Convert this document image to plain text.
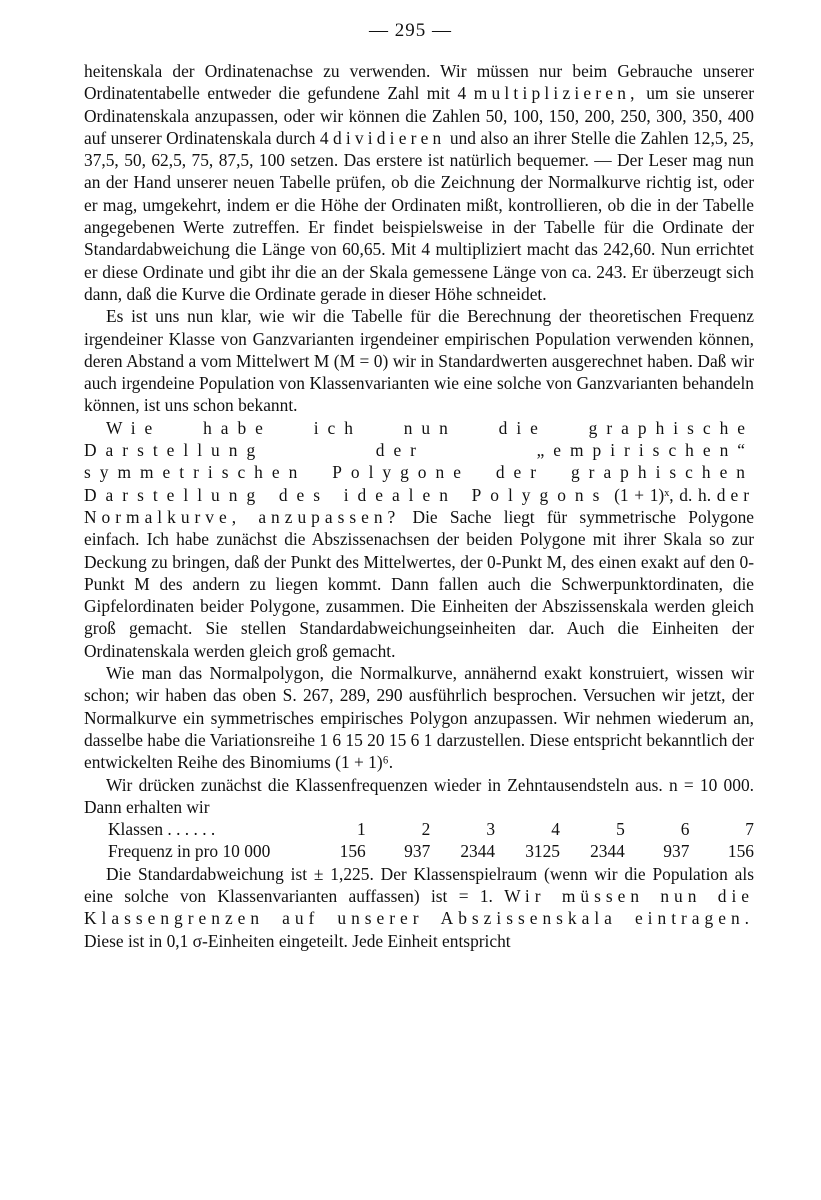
— 295 —

heitenskala der Ordinatenachse zu verwenden. Wir müssen nur beim Gebrauche unserer Ordinatentabelle entweder die gefundene Zahl mit 4 multiplizieren, um sie unserer Ordinatenskala anzupassen, oder wir können die Zahlen 50, 100, 150, 200, 250, 300, 350, 400 auf unserer Ordinatenskala durch 4 dividieren und also an ihrer Stelle die Zahlen 12,5, 25, 37,5, 50, 62,5, 75, 87,5, 100 setzen. Das erstere ist natürlich bequemer. — Der Leser mag nun an der Hand unserer neuen Tabelle prüfen, ob die Zeichnung der Normalkurve richtig ist, oder er mag, umgekehrt, indem er die Höhe der Ordinaten mißt, kontrollieren, ob die in der Tabelle angegebenen Werte zutreffen. Er findet beispielsweise in der Tabelle für die Ordinate der Standardabweichung die Länge von 60,65. Mit 4 multipliziert macht das 242,60. Nun errichtet er diese Ordinate und gibt ihr die an der Skala gemessene Länge von ca. 243. Er überzeugt sich dann, daß die Kurve die Ordinate gerade in dieser Höhe schneidet.

Es ist uns nun klar, wie wir die Tabelle für die Berechnung der theoretischen Frequenz irgendeiner Klasse von Ganzvarianten irgendeiner empirischen Population verwenden können, deren Abstand a vom Mittelwert M (M = 0) wir in Standardwerten ausgerechnet haben. Daß wir auch irgendeine Population von Klassenvarianten wie eine solche von Ganzvarianten behandeln können, ist uns schon bekannt.

Wie habe ich nun die graphische Darstellung der „empirischen“ symmetrischen Polygone der graphischen Darstellung des idealen Polygons (1 + 1)ˣ, d. h. der Normalkurve, anzupassen? Die Sache liegt für symmetrische Polygone einfach. Ich habe zunächst die Abszissenachsen der beiden Polygone mit ihrer Skala so zur Deckung zu bringen, daß der Punkt des Mittelwertes, der 0-Punkt M, des einen exakt auf den 0-Punkt M des andern zu liegen kommt. Dann fallen auch die Schwerpunktordinaten, die Gipfelordinaten beider Polygone, zusammen. Die Einheiten der Abszissenskala werden gleich groß gemacht. Sie stellen Standardabweichungseinheiten dar. Auch die Einheiten der Ordinatenskala werden gleich groß gemacht.

Wie man das Normalpolygon, die Normalkurve, annähernd exakt konstruiert, wissen wir schon; wir haben das oben S. 267, 289, 290 ausführlich besprochen. Versuchen wir jetzt, der Normalkurve ein symmetrisches empirisches Polygon anzupassen. Wir nehmen wiederum an, dasselbe habe die Variationsreihe 1 6 15 20 15 6 1 darzustellen. Diese entspricht bekanntlich der entwickelten Reihe des Binomiums (1 + 1)⁶.

Wir drücken zunächst die Klassenfrequenzen wieder in Zehntausendsteln aus. n = 10 000. Dann erhalten wir

Klassen . . . . . .	1	2	3	4	5	6	7
Frequenz in pro 10 000	156	937	2344	3125	2344	937	156

Die Standardabweichung ist ± 1,225. Der Klassenspielraum (wenn wir die Population als eine solche von Klassenvarianten auffassen) ist = 1. Wir müssen nun die Klassengrenzen auf unserer Abszissenskala eintragen. Diese ist in 0,1 σ-Einheiten eingeteilt. Jede Einheit entspricht
